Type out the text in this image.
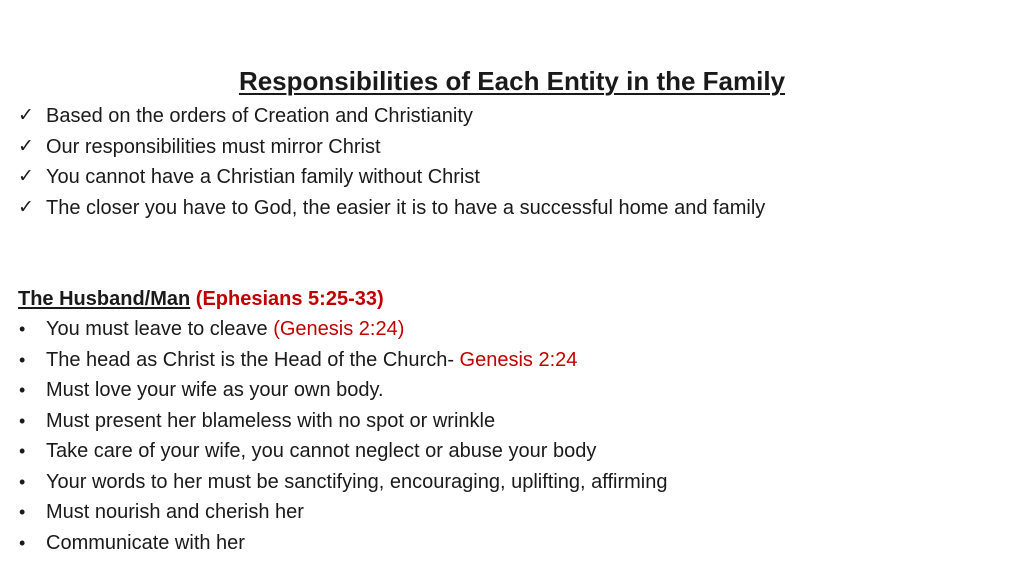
Responsibilities of Each Entity in the Family
✓ Based on the orders of Creation and Christianity
✓ Our responsibilities must mirror Christ
✓ You cannot have a Christian family without Christ
✓ The closer you have to God, the easier it is to have a successful home and family
The Husband/Man (Ephesians 5:25-33)
•	You must leave to cleave (Genesis 2:24)
•	The head as Christ is the Head of the Church- Genesis 2:24
•	Must love your wife as your own body.
•	Must present her blameless with no spot or wrinkle
•	Take care of your wife, you cannot neglect or abuse your body
•	Your words to her must be sanctifying, encouraging, uplifting, affirming
•	Must nourish and cherish her
•	Communicate with her
